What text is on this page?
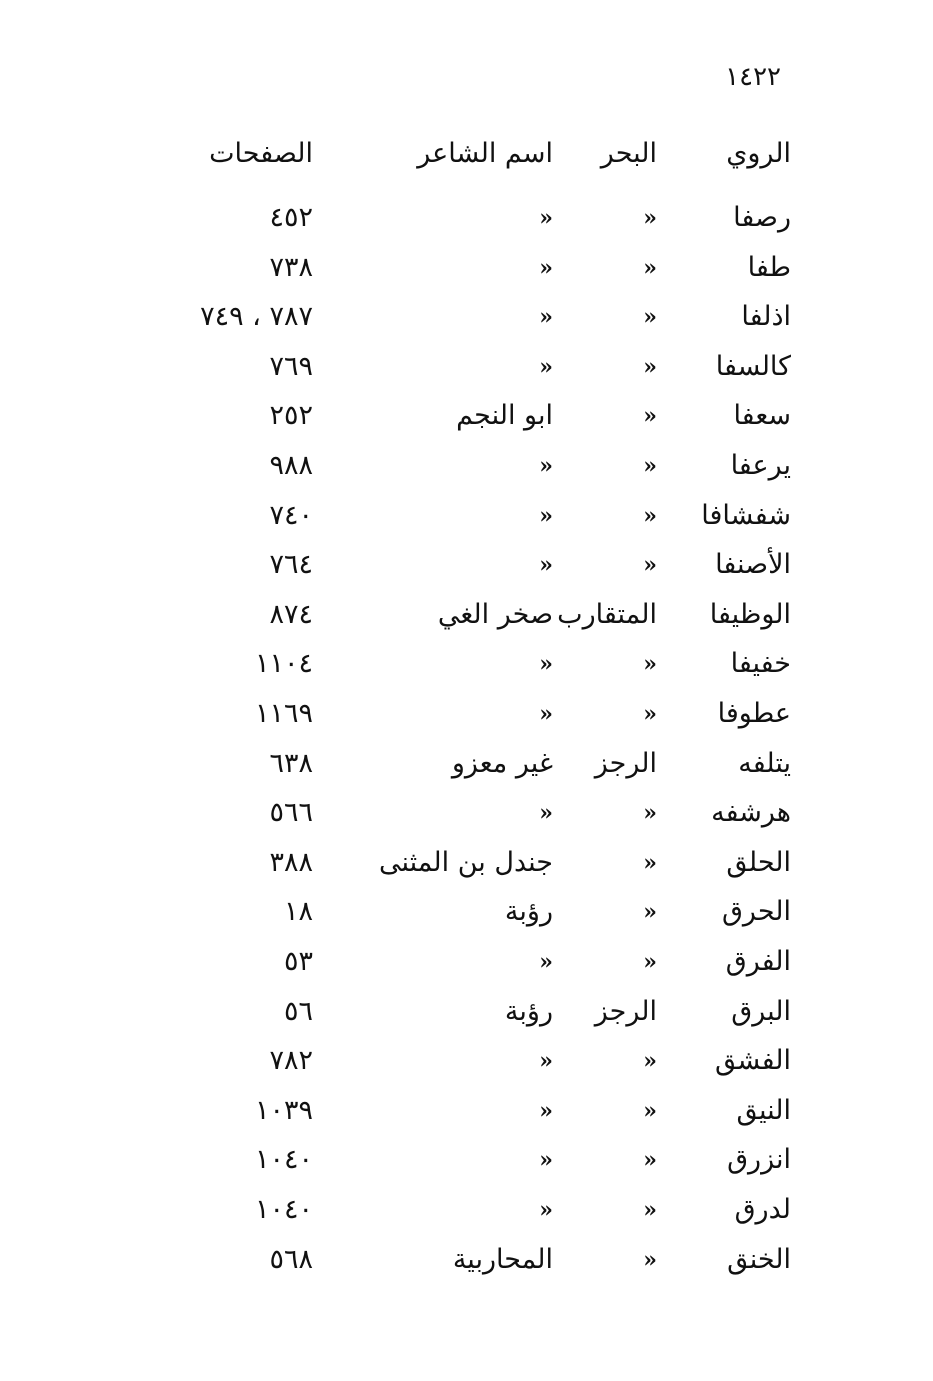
١٤٢٢
الروي
البحر
اسم الشاعر
الصفحات
رصفا
»
»
٤٥٢
طفا
»
»
٧٣٨
اذلفا
»
»
٧٨٧ ، ٧٤٩
كالسفا
»
»
٧٦٩
سعفا
»
ابو النجم
٢٥٢
يرعفا
»
»
٩٨٨
شفشافا
»
»
٧٤٠
الأصنفا
»
»
٧٦٤
الوظيفا
المتقارب
صخر الغي
٨٧٤
خفيفا
»
»
١١٠٤
عطوفا
»
»
١١٦٩
يتلفه
الرجز
غير معزو
٦٣٨
هرشفه
»
»
٥٦٦
الحلق
»
جندل بن المثنى
٣٨٨
الحرق
»
رؤبة
١٨
الفرق
»
»
٥٣
البرق
الرجز
رؤبة
٥٦
الفشق
»
»
٧٨٢
النيق
»
»
١٠٣٩
انزرق
»
»
١٠٤٠
لدرق
»
»
١٠٤٠
الخنق
»
المحاربية
٥٦٨
